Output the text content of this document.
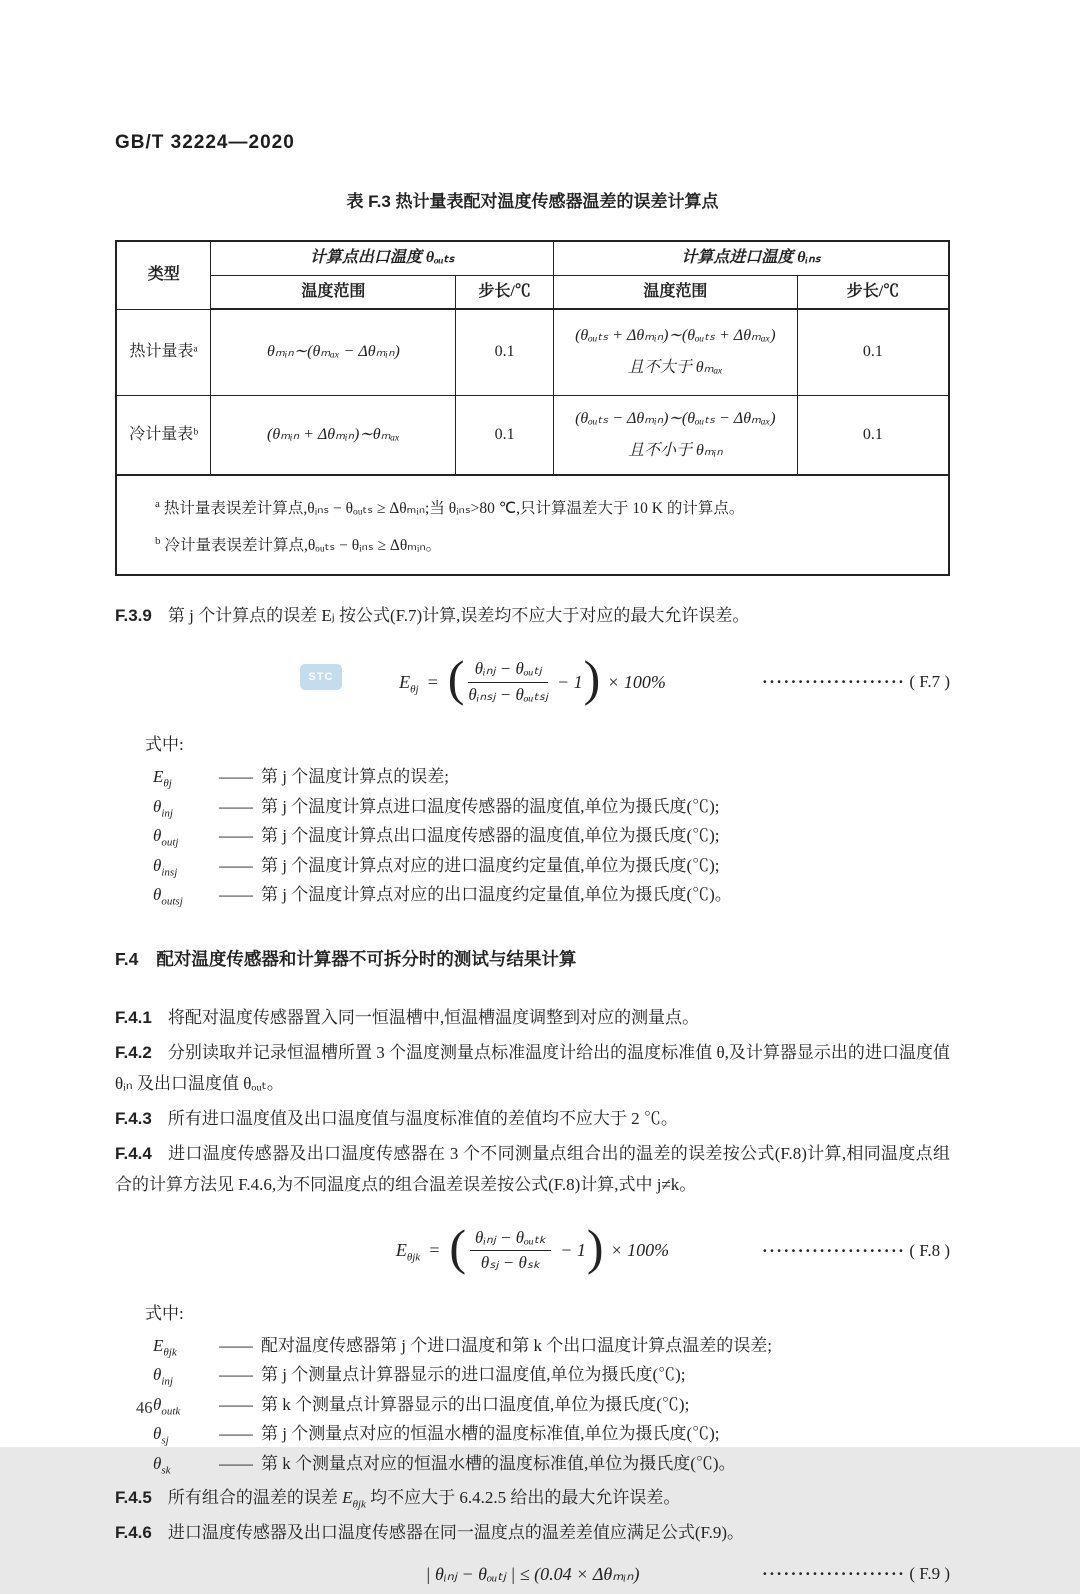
GB/T 32224—2020
表 F.3 热计量表配对温度传感器温差的误差计算点
类型	计算点出口温度 θₒᵤₜₛ		计算点进口温度 θᵢₙₛ	
	温度范围	步长/℃	温度范围	步长/℃
热计量表ᵃ	θₘᵢₙ∼(θₘₐₓ − Δθₘᵢₙ)	0.1	(θₒᵤₜₛ + Δθₘᵢₙ)∼(θₒᵤₜₛ + Δθₘₐₓ)
且不大于 θₘₐₓ	0.1
冷计量表ᵇ	(θₘᵢₙ + Δθₘᵢₙ)∼θₘₐₓ	0.1	(θₒᵤₜₛ − Δθₘᵢₙ)∼(θₒᵤₜₛ − Δθₘₐₓ)
且不小于 θₘᵢₙ	0.1

$^a$ 热计量表误差计算点,θᵢₙₛ − θₒᵤₜₛ ≥ Δθₘᵢₙ;当 θᵢₙₛ>80 ℃,只计算温差大于 10 K 的计算点。
$^b$ 冷计量表误差计算点,θₒᵤₜₛ − θᵢₙₛ ≥ Δθₘᵢₙ。				

F.3.9 第 j 个计算点的误差 Eⱼ 按公式(F.7)计算,误差均不应大于对应的最大允许误差。

$E_{\theta j}$ = ( $\frac{\text{θᵢₙⱼ − θₒᵤₜⱼ}}{\text{θᵢₙₛⱼ − θₒᵤₜₛⱼ}} - 1$ ) × 100%	···················· ( F.7 )

式中:

$E_{\theta j}$	—— 第 j 个温度计算点的误差;
$\theta_{inj}$	—— 第 j 个温度计算点进口温度传感器的温度值,单位为摄氏度(℃);
$\theta_{outj}$	—— 第 j 个温度计算点出口温度传感器的温度值,单位为摄氏度(℃);
$\theta_{insj}$	—— 第 j 个温度计算点对应的进口温度约定量值,单位为摄氏度(℃);
$\theta_{outsj}$	—— 第 j 个温度计算点对应的出口温度约定量值,单位为摄氏度(℃)。
F.4 配对温度传感器和计算器不可拆分时的测试与结果计算

F.4.1 将配对温度传感器置入同一恒温槽中,恒温槽温度调整到对应的测量点。

F.4.2 分别读取并记录恒温槽所置 3 个温度测量点标准温度计给出的温度标准值 θ,及计算器显示出的进口温度值 θᵢₙ 及出口温度值 θₒᵤₜ。

F.4.3 所有进口温度值及出口温度值与温度标准值的差值均不应大于 2 ℃。

F.4.4 进口温度传感器及出口温度传感器在 3 个不同测量点组合出的温差的误差按公式(F.8)计算,相同温度点组合的计算方法见 F.4.6,为不同温度点的组合温差误差按公式(F.8)计算,式中 j≠k。

$E_{\theta jk}$ = ( $\frac{\text{θᵢₙⱼ − θₒᵤₜₖ}}{\text{θₛⱼ − θₛₖ}} - 1$ ) × 100%	···················· ( F.8 )

式中:

$E_{\theta jk}$	—— 配对温度传感器第 j 个进口温度和第 k 个出口温度计算点温差的误差;
$\theta_{inj}$	—— 第 j 个测量点计算器显示的进口温度值,单位为摄氏度(℃);
$\theta_{outk}$	—— 第 k 个测量点计算器显示的出口温度值,单位为摄氏度(℃);
$\theta_{sj}$	—— 第 j 个测量点对应的恒温水槽的温度标准值,单位为摄氏度(℃);
$\theta_{sk}$	—— 第 k 个测量点对应的恒温水槽的温度标准值,单位为摄氏度(℃)。

F.4.5 所有组合的温差的误差 $E_{\theta jk}$ 均不应大于 6.4.2.5 给出的最大允许误差。

F.4.6 进口温度传感器及出口温度传感器在同一温度点的温差差值应满足公式(F.9)。

| θᵢₙⱼ − θₒᵤₜⱼ | ≤ (0.04 × Δθₘᵢₙ)	···················· ( F.9 )
46
STC
